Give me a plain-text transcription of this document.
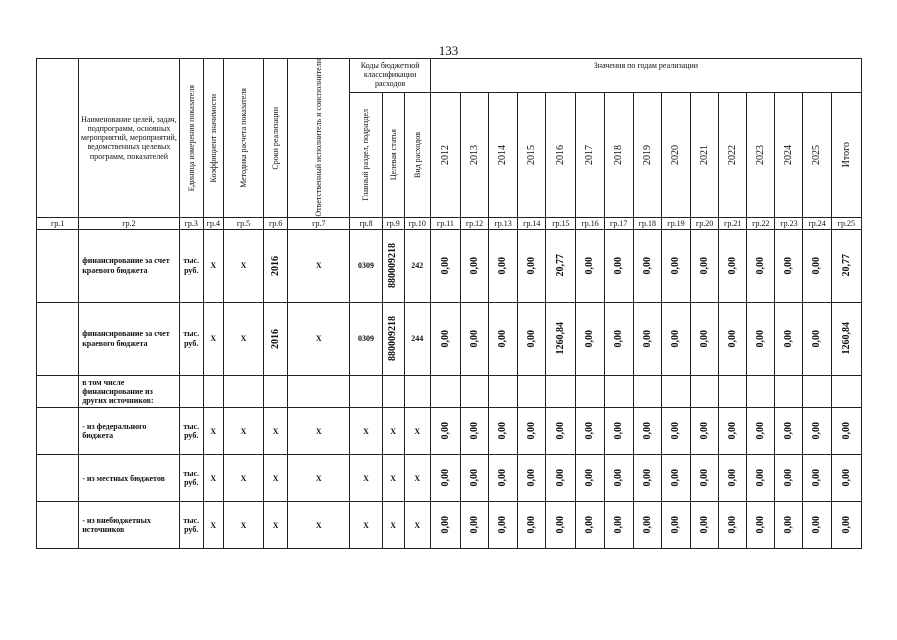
133
	Наименование целей, задач, подпрограмм, основных мероприятий, мероприятий, ведомственных целевых программ, показателей	Единица измерения показателя	Коэффициент значимости	Методика расчета показателя	Сроки реализации	Ответственный исполнитель и соисполнители	Коды бюджетной классификации расходов			Значения по годам реализации														

							Главный раздел, подраздел	Целевая статья	Вид расходов	2012	2013	2014	2015	2016	2017	2018	2019	2020	2021	2022	2023	2024	2025	Итого

гр.1	гр.2	гр.3	гр.4	гр.5	гр.6	гр.7	гр.8	гр.9	гр.10	гр.11	гр.12	гр.13	гр.14	гр.15	гр.16	гр.17	гр.18	гр.19	гр.20	гр.21	гр.22	гр.23	гр.24	гр.25
	финансирование за счет краевого бюджета	тыс. руб.	Х	Х	2016	Х	0309	880009218	242	0,00	0,00	0,00	0,00	20,77	0,00	0,00	0,00	0,00	0,00	0,00	0,00	0,00	0,00	20,77

	финансирование за счет краевого бюджета	тыс. руб.	Х	Х	2016	Х	0309	880009218	244	0,00	0,00	0,00	0,00	1260,84	0,00	0,00	0,00	0,00	0,00	0,00	0,00	0,00	0,00	1260,84

	в том числе финансирование из других источников:																							
	- из федерального бюджета	тыс. руб.	Х	Х	Х	Х	Х	Х	Х	0,00	0,00	0,00	0,00	0,00	0,00	0,00	0,00	0,00	0,00	0,00	0,00	0,00	0,00	0,00

	- из местных бюджетов	тыс. руб.	Х	Х	Х	Х	Х	Х	Х	0,00	0,00	0,00	0,00	0,00	0,00	0,00	0,00	0,00	0,00	0,00	0,00	0,00	0,00	0,00

	- из внебюджетных источников	тыс. руб.	Х	Х	Х	Х	Х	Х	Х	0,00	0,00	0,00	0,00	0,00	0,00	0,00	0,00	0,00	0,00	0,00	0,00	0,00	0,00	0,00
